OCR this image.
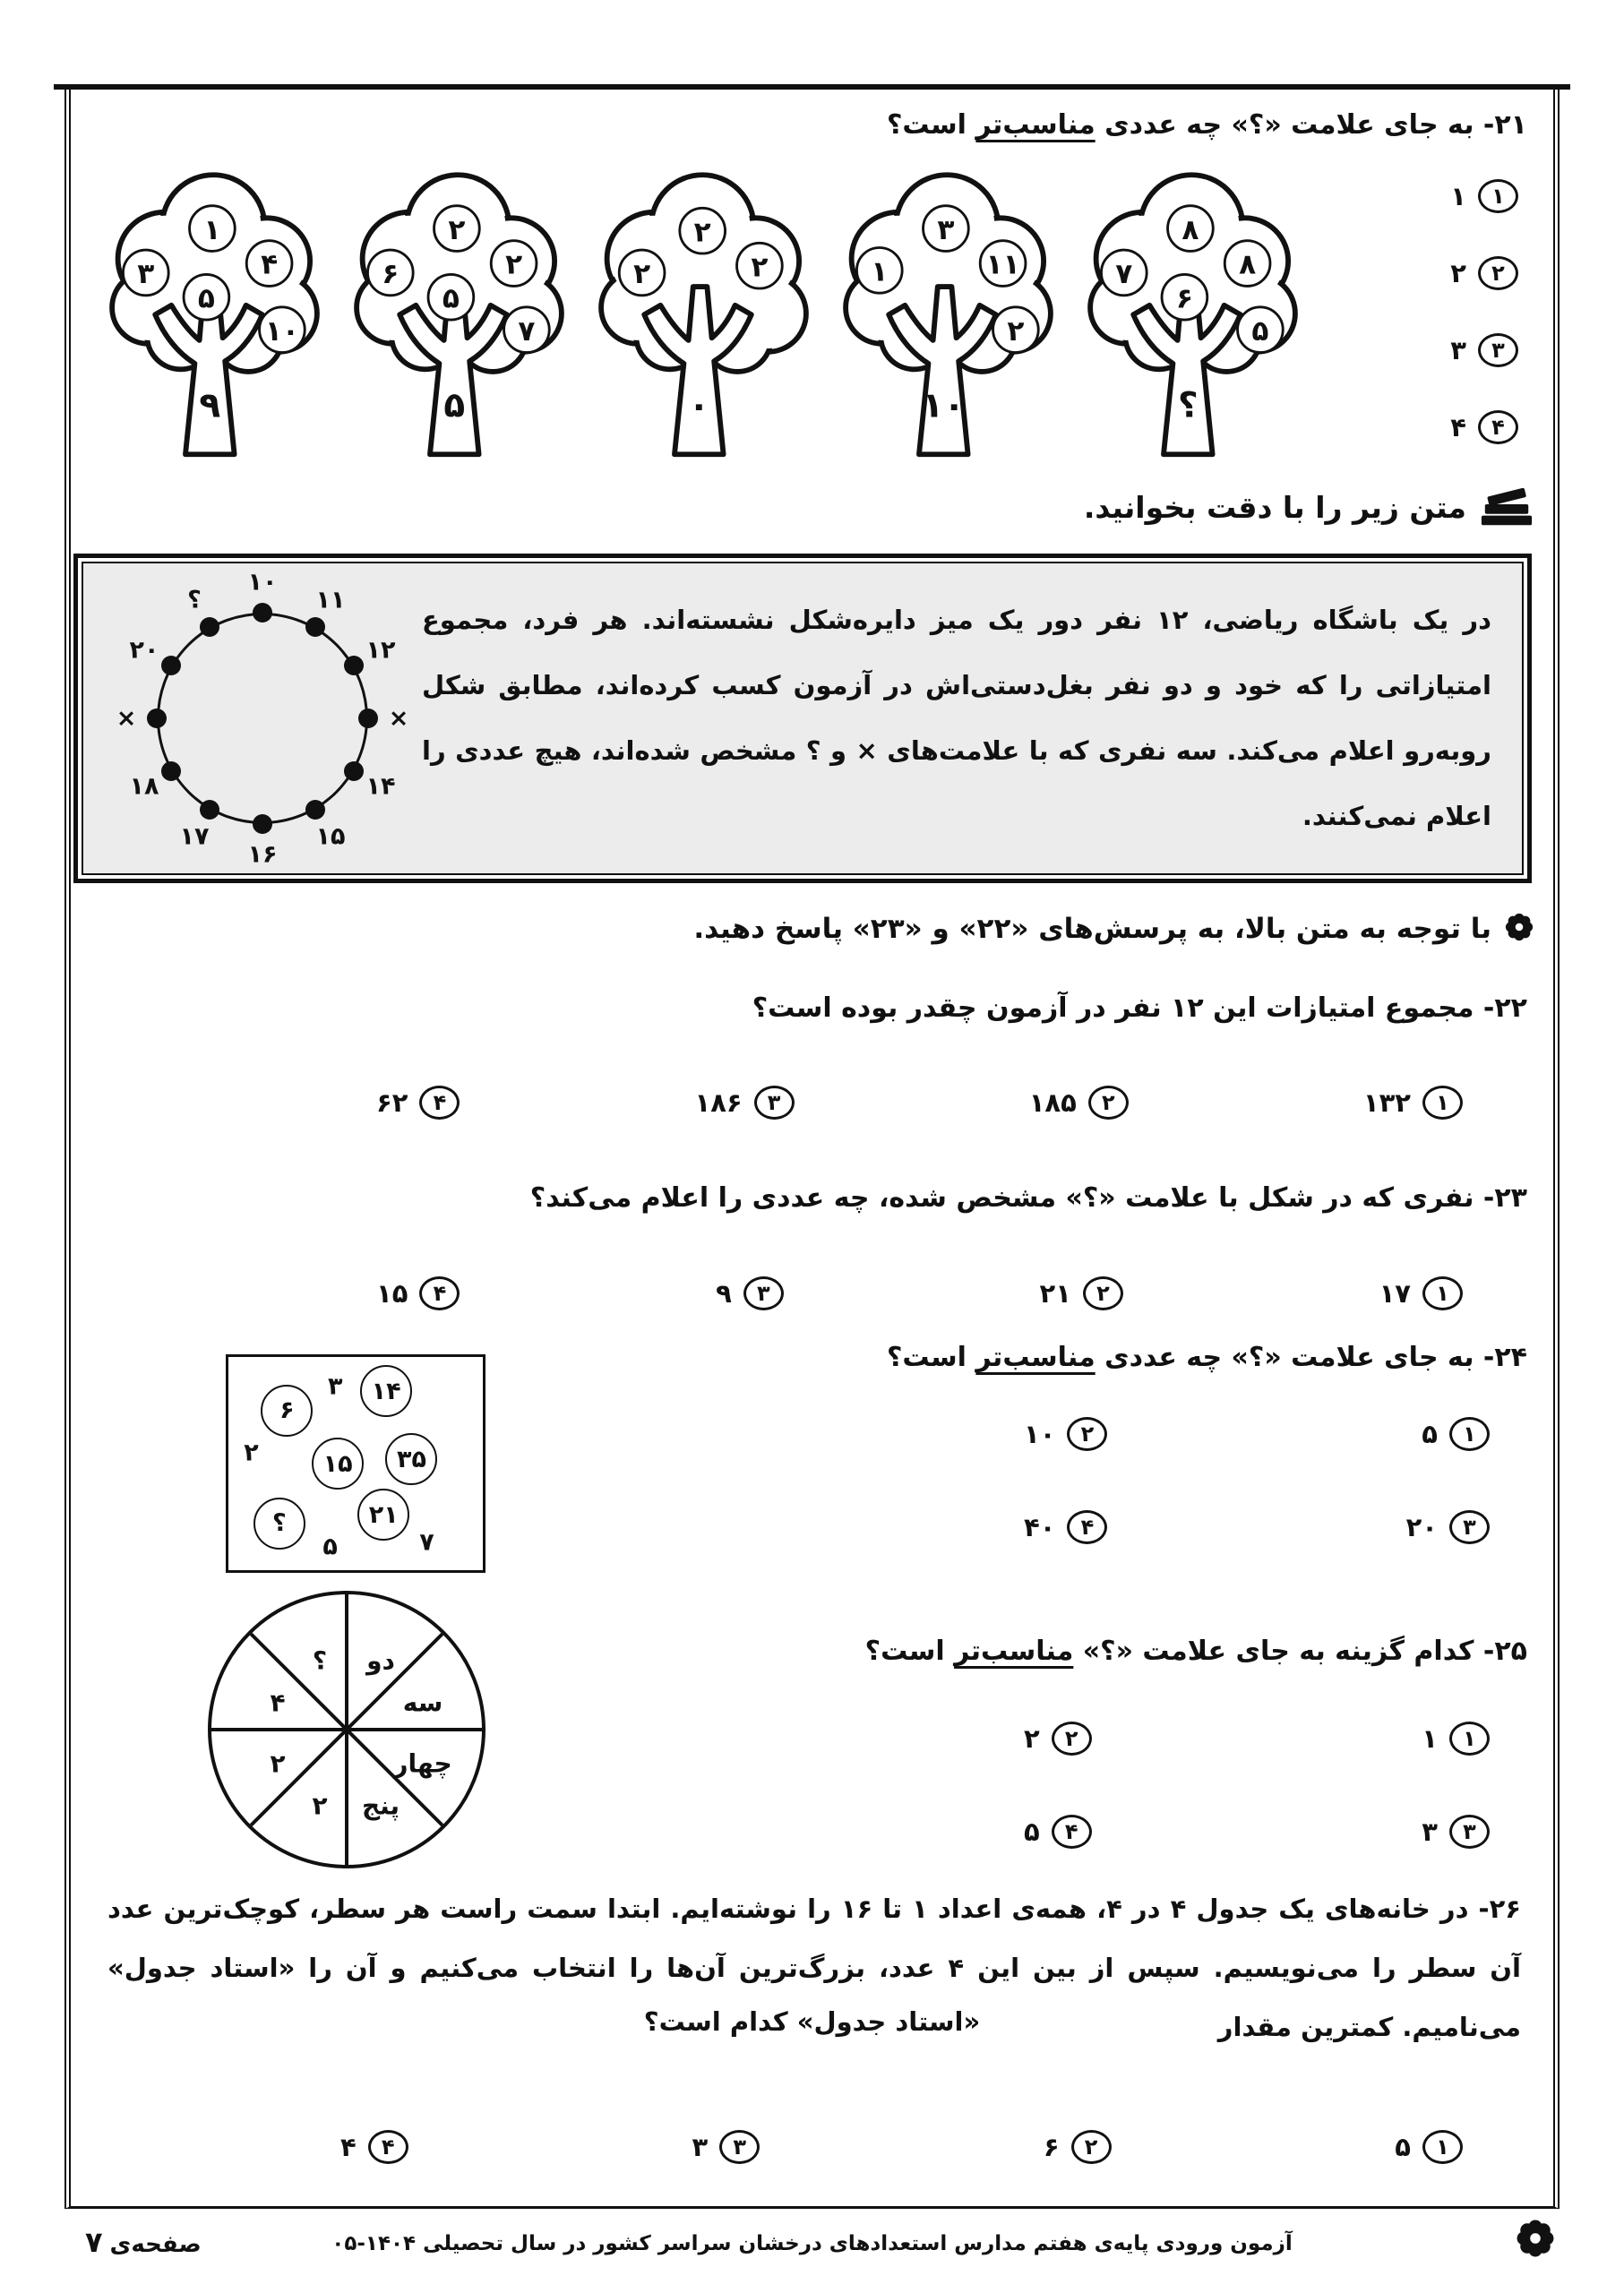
۲۱- به جای علامت «؟» چه عددی مناسب‌تر است؟
۳
۱
۴
۵
۱۰
۹
۶
۲
۲
۵
۷
۵
۲
۲
۲
۰
۱
۳
۱۱
۲
۱۰
۷
۸
۸
۶
۵
؟
۱
۱
۲
۲
۳
۳
۴
۴
متن زیر را با دقت بخوانید.

در یک باشگاه ریاضی، ۱۲ نفر دور یک میز دایره‌شکل نشسته‌اند. هر فرد، مجموع امتیازاتی را که خود و دو نفر بغل‌دستی‌اش در آزمون کسب کرده‌اند، مطابق شکل روبه‌رو اعلام می‌کند. سه نفری که با علامت‌های × و ؟ مشخص شده‌اند، هیچ عددی را اعلام نمی‌کنند.

۱۰
۱۱
۱۲
×
۱۴
۱۵
۱۶
۱۷
۱۸
×
۲۰
؟
با توجه به متن بالا، به پرسش‌های «۲۲» و «۲۳» پاسخ دهید.
۲۲- مجموع امتیازات این ۱۲ نفر در آزمون چقدر بوده است؟
۱
۱۳۲
۲
۱۸۵
۳
۱۸۶
۴
۶۲
۲۳- نفری که در شکل با علامت «؟» مشخص شده، چه عددی را اعلام می‌کند؟
۱
۱۷
۲
۲۱
۳
۹
۴
۱۵
۲۴- به جای علامت «؟» چه عددی مناسب‌تر است؟
۶
۱۴
۱۵	۳۵
۲۱
؟
۳
۲
۵	۷
۱
۵
۲
۱۰
۳
۲۰
۴
۴۰
۲۵- کدام گزینه به جای علامت «؟» مناسب‌تر است؟
دو
سه
چهار
پنج
۲
۲
۴
؟
۱
۱
۲
۲
۳
۳
۴
۵
۲۶- در خانه‌های یک جدول ۴ در ۴، همه‌ی اعداد ۱ تا ۱۶ را نوشته‌ایم. ابتدا سمت راست هر سطر، کوچک‌ترین عدد آن سطر را می‌نویسیم. سپس از بین این ۴ عدد، بزرگ‌ترین آن‌ها را انتخاب می‌کنیم و آن را «استاد جدول» می‌نامیم. کمترین مقدار
«استاد جدول» کدام است؟
۱
۵
۲
۶
۳
۳
۴
۴
آزمون ورودی پایه‌ی هفتم مدارس استعدادهای درخشان سراسر کشور در سال تحصیلی ۱۴۰۴-۰۵
صفحه‌ی
۷
